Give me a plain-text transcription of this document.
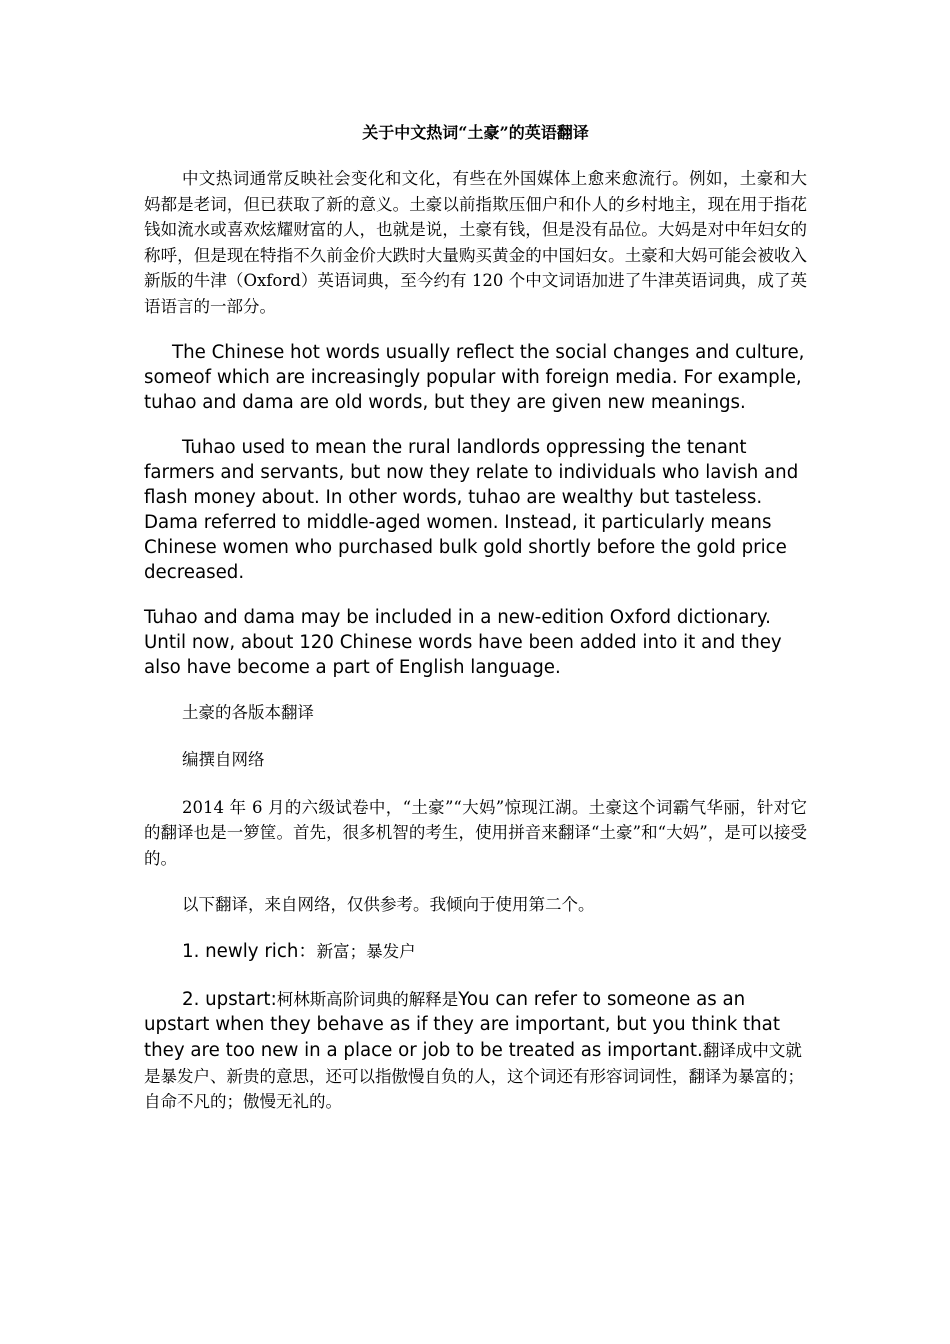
关于中文热词“土豪”的英语翻译

中文热词通常反映社会变化和文化，有些在外国媒体上愈来愈流行。例如，土豪和大妈都是老词，但已获取了新的意义。土豪以前指欺压佃户和仆人的乡村地主，现在用于指花钱如流水或喜欢炫耀财富的人，也就是说，土豪有钱，但是没有品位。大妈是对中年妇女的称呼，但是现在特指不久前金价大跌时大量购买黄金的中国妇女。土豪和大妈可能会被收入新版的牛津（Oxford）英语词典，至今约有 120 个中文词语加进了牛津英语词典，成了英语语言的一部分。

The Chinese hot words usually reflect the social changes and culture, someof which are increasingly popular with foreign media. For example, tuhao and dama are old words, but they are given new meanings.

Tuhao used to mean the rural landlords oppressing the tenant farmers and servants, but now they relate to individuals who lavish and flash money about. In other words, tuhao are wealthy but tasteless. Dama referred to middle-aged women. Instead, it particularly means Chinese women who purchased bulk gold shortly before the gold price decreased.

Tuhao and dama may be included in a new-edition Oxford dictionary. Until now, about 120 Chinese words have been added into it and they also have become a part of English language.

土豪的各版本翻译

编撰自网络

2014 年 6 月的六级试卷中，“土豪”“大妈”惊现江湖。土豪这个词霸气华丽，针对它的翻译也是一箩筐。首先，很多机智的考生，使用拼音来翻译“土豪”和“大妈”，是可以接受的。

以下翻译，来自网络，仅供参考。我倾向于使用第二个。

1. newly rich：新富；暴发户

2. upstart:柯林斯高阶词典的解释是You can refer to someone as an upstart when they behave as if they are important, but you think that they are too new in a place or job to be treated as important.翻译成中文就是暴发户、新贵的意思，还可以指傲慢自负的人，这个词还有形容词词性，翻译为暴富的；自命不凡的；傲慢无礼的。
